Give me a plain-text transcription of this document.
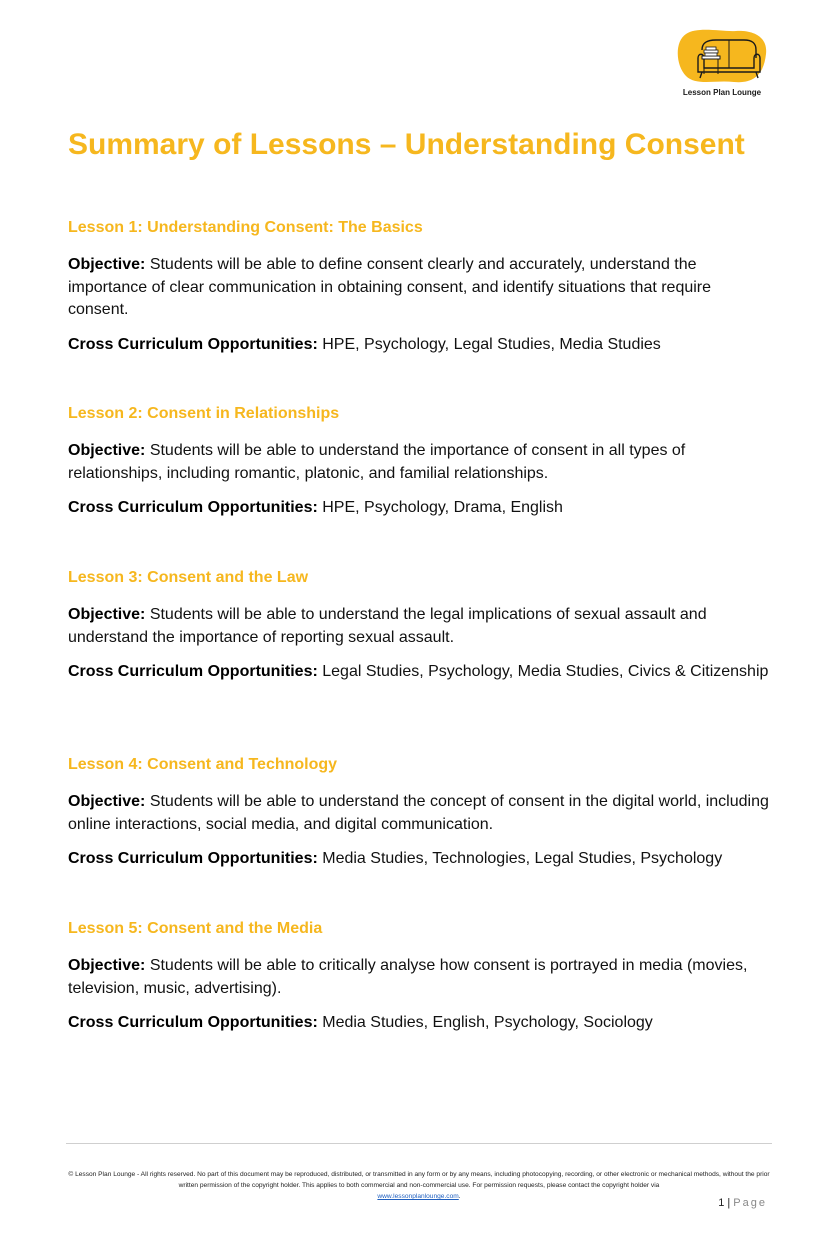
Lesson Plan Lounge
Summary of Lessons – Understanding Consent

Lesson 1: Understanding Consent: The Basics

Objective: Students will be able to define consent clearly and accurately, understand the importance of clear communication in obtaining consent, and identify situations that require consent.

Cross Curriculum Opportunities: HPE, Psychology, Legal Studies, Media Studies

Lesson 2: Consent in Relationships

Objective: Students will be able to understand the importance of consent in all types of relationships, including romantic, platonic, and familial relationships.

Cross Curriculum Opportunities: HPE, Psychology, Drama, English

Lesson 3: Consent and the Law

Objective: Students will be able to understand the legal implications of sexual assault and understand the importance of reporting sexual assault.

Cross Curriculum Opportunities: Legal Studies, Psychology, Media Studies, Civics & Citizenship

Lesson 4: Consent and Technology

Objective: Students will be able to understand the concept of consent in the digital world, including online interactions, social media, and digital communication.

Cross Curriculum Opportunities: Media Studies, Technologies, Legal Studies, Psychology

Lesson 5: Consent and the Media

Objective: Students will be able to critically analyse how consent is portrayed in media (movies, television, music, advertising).

Cross Curriculum Opportunities: Media Studies, English, Psychology, Sociology

© Lesson Plan Lounge - All rights reserved. No part of this document may be reproduced, distributed, or transmitted in any form or by any means, including photocopying, recording, or other electronic or mechanical methods, without the prior written permission of the copyright holder. This applies to both commercial and non-commercial use. For permission requests, please contact the copyright holder via
www.lessonplanlounge.com.
1 | Page
